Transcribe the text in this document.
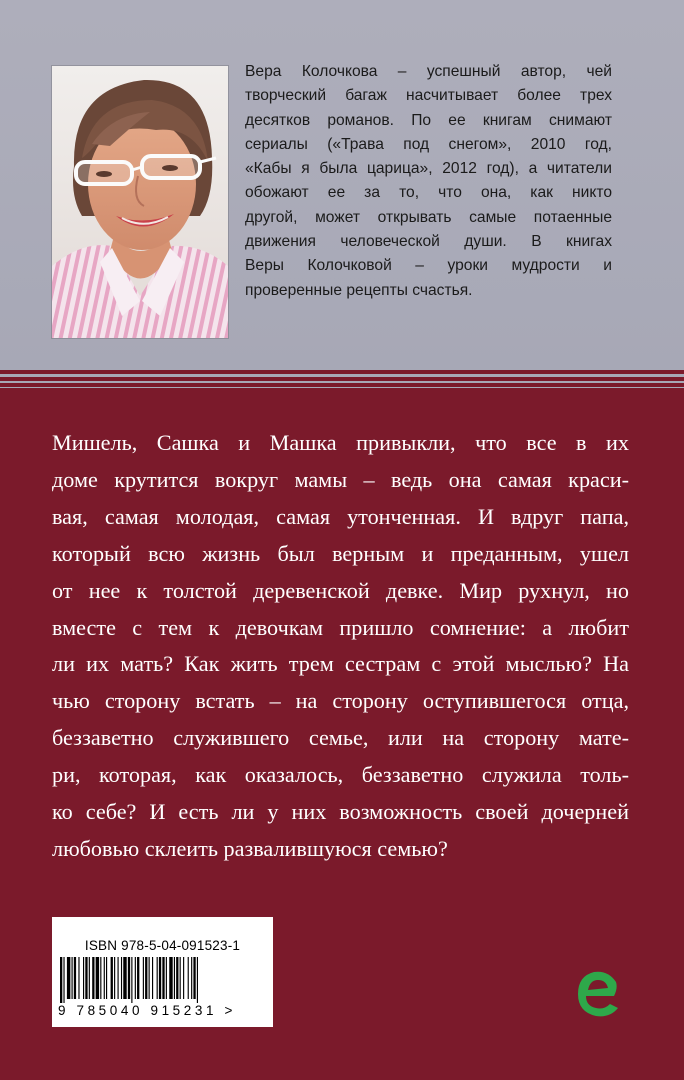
Вера Колочкова – успешный автор, чей
творческий багаж насчитывает более трех
десятков романов. По ее книгам снимают
сериалы («Трава под снегом», 2010 год,
«Кабы я была царица», 2012 год), а читатели
обожают ее за то, что она, как никто
другой, может открывать самые потаенные
движения человеческой души. В книгах
Веры Колочковой – уроки мудрости и
проверенные рецепты счастья.
Мишель, Сашка и Машка привыкли, что все в их
доме крутится вокруг мамы – ведь она самая краси-
вая, самая молодая, самая утонченная. И вдруг папа,
который всю жизнь был верным и преданным, ушел
от нее к толстой деревенской девке. Мир рухнул, но
вместе с тем к девочкам пришло сомнение: а любит
ли их мать? Как жить трем сестрам с этой мыслью? На
чью сторону встать – на сторону оступившегося отца,
беззаветно служившего семье, или на сторону мате-
ри, которая, как оказалось, беззаветно служила толь-
ко себе? И есть ли у них возможность своей дочерней
любовью склеить развалившуюся семью?
ISBN 978-5-04-091523-1
9 785040 915231 >
